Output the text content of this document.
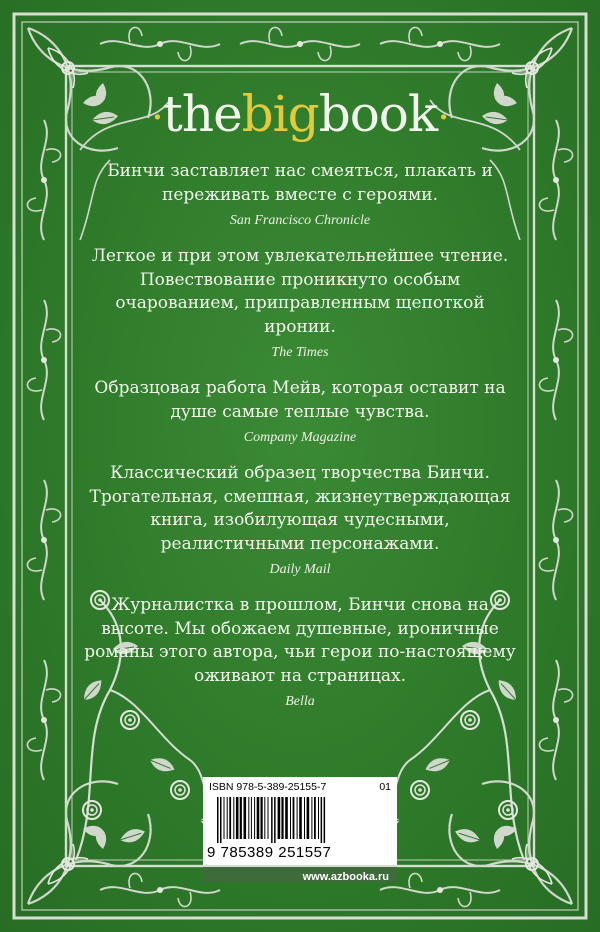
·thebigbook·
Бинчи заставляет нас смеяться, плакать и переживать вместе с героями.
San Francisco Chronicle
Легкое и при этом увлекательнейшее чтение. Повествование проникнуто особым очарованием, приправленным щепоткой иронии.
The Times
Образцовая работа Мейв, которая оставит на душе самые теплые чувства.
Company Magazine
Классический образец творчества Бинчи. Трогательная, смешная, жизнеутверждающая книга, изобилующая чудесными, реалистичными персонажами.
Daily Mail
Журналистка в прошлом, Бинчи снова на высоте. Мы обожаем душевные, ироничные романы этого автора, чьи герои по-настоящему оживают на страницах.
Bella
ISBN 978-5-389-25155-7	01
9 785389 251557
www.azbooka.ru
